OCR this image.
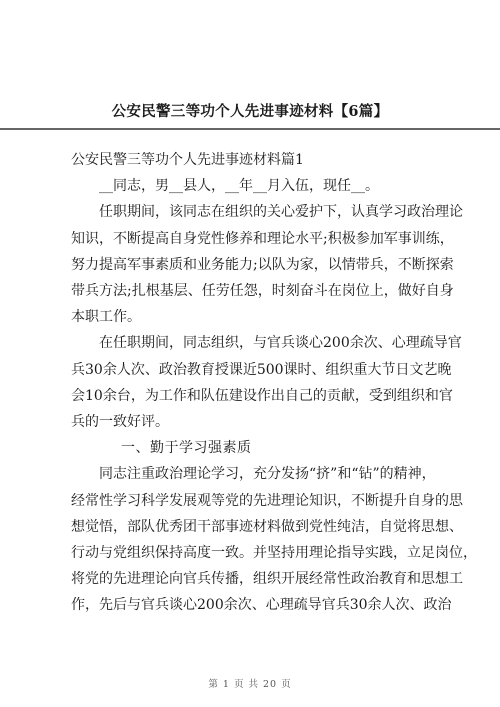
公安民警三等功个人先进事迹材料【6篇】
公安民警三等功个人先进事迹材料篇1
__同志，男__县人，__年__月入伍，现任__。
任职期间，该同志在组织的关心爱护下，认真学习政治理论
知识，不断提高自身党性修养和理论水平;积极参加军事训练，
努力提高军事素质和业务能力;以队为家，以情带兵，不断探索
带兵方法;扎根基层、任劳任怨，时刻奋斗在岗位上，做好自身
本职工作。
在任职期间，同志组织，与官兵谈心200余次、心理疏导官
兵30余人次、政治教育授课近500课时、组织重大节日文艺晚
会10余台，为工作和队伍建设作出自己的贡献，受到组织和官
兵的一致好评。
一、勤于学习强素质
同志注重政治理论学习，充分发扬“挤”和“钻”的精神，
经常性学习科学发展观等党的先进理论知识，不断提升自身的思
想觉悟，部队优秀团干部事迹材料做到党性纯洁，自觉将思想、
行动与党组织保持高度一致。并坚持用理论指导实践，立足岗位，
将党的先进理论向官兵传播，组织开展经常性政治教育和思想工
作，先后与官兵谈心200余次、心理疏导官兵30余人次、政治
第 1 页 共 20 页
